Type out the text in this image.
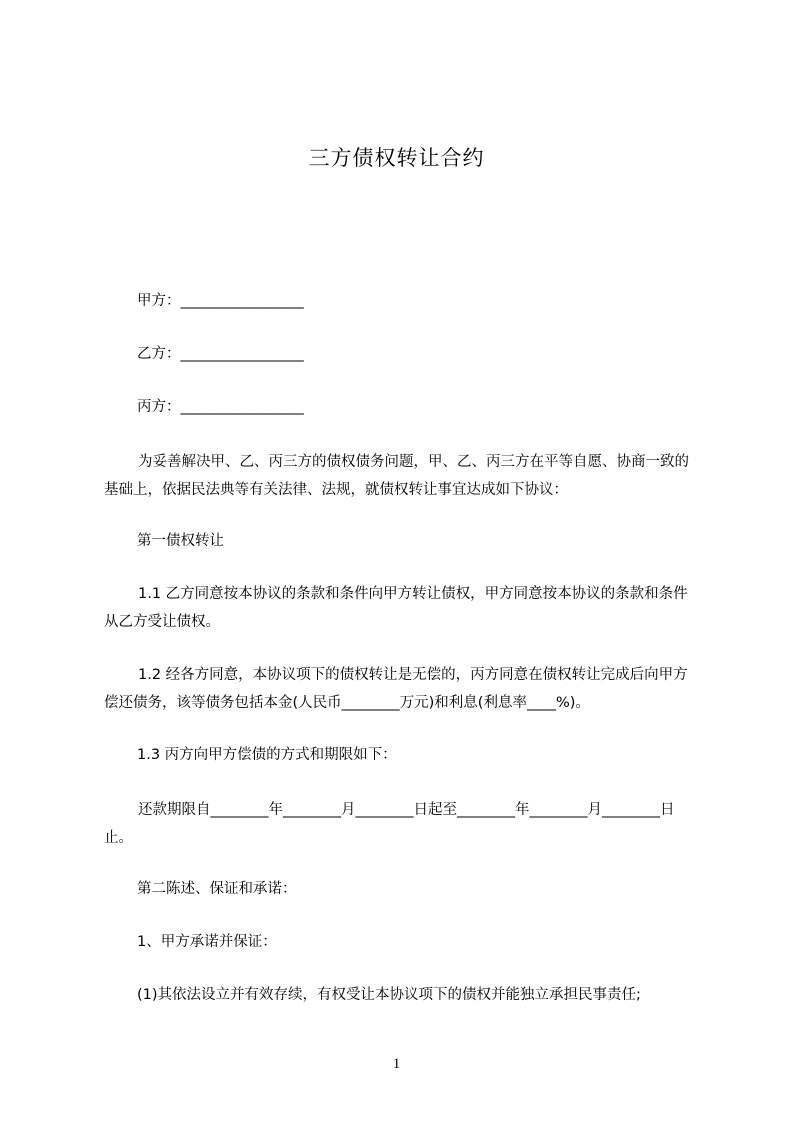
三方债权转让合约
甲方：_________________
乙方：_________________
丙方：_________________
为妥善解决甲、乙、丙三方的债权债务问题，甲、乙、丙三方在平等自愿、协商一致的基础上，依据民法典等有关法律、法规，就债权转让事宜达成如下协议：
第一债权转让
1.1 乙方同意按本协议的条款和条件向甲方转让债权，甲方同意按本协议的条款和条件从乙方受让债权。
1.2 经各方同意，本协议项下的债权转让是无偿的，丙方同意在债权转让完成后向甲方偿还债务，该等债务包括本金(人民币________万元)和利息(利息率____%)。
1.3 丙方向甲方偿债的方式和期限如下：
还款期限自________年________月________日起至________年________月________日止。
第二陈述、保证和承诺：
1、甲方承诺并保证：
(1)其依法设立并有效存续，有权受让本协议项下的债权并能独立承担民事责任;
1
